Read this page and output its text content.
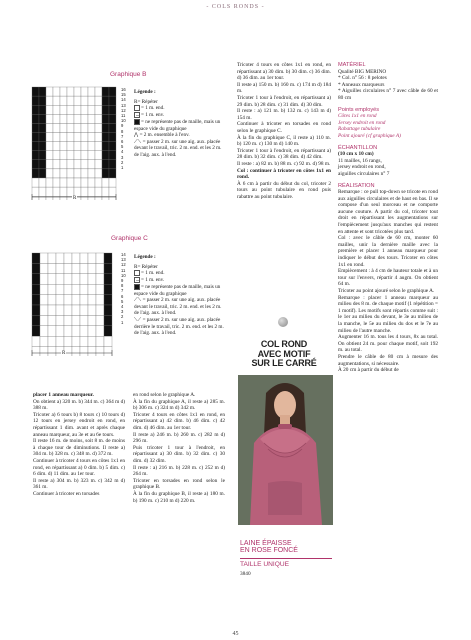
- COLS RONDS -
Graphique B
R
16
15
14
13
12
11
10
9
8
7
6
5
4
3
2
1
Légende :
R= Répéter
= 1 m. end.
= 1 m. env.
= ne représente pas de maille, mais un espace vide du graphique
⋀ = 2 m. ensemble à l'env.
⟋⟍ = passer 2 m. sur une aig. aux. placée devant le travail, tric. 2 m. end. et les 2 m. de l'aig. aux. à l'end.
Graphique C
R
14
13
12
11
10
9
8
7
6
5
4
3
2
1
Légende :
R= Répéter
= 1 m. end.
= 1 m. env.
= ne représente pas de maille, mais un espace vide du graphique
⟋⟍ = passer 2 m. sur une aig. aux. placée devant le travail, tric. 2 m. end. et les 2 m. de l'aig. aux. à l'end.
⟍⟋ = passer 2 m. sur une aig. aux. placée derrière le travail, tric. 2 m. end. et les 2 m. de l'aig. aux. à l'end.

placer 1 anneau marqueur.

On obtient a) 320 m. b) 344 m. c) 364 m d) 388 m.

Tricoter a) 6 tours b) 8 tours c) 10 tours d) 12 tours en jersey endroit en rond, en répartissant 1 dim. avant et après chaque anneau marqueur, au 3e et au 6e tours.

Il reste 16 m. de moins, soit 8 m. de moins à chaque tour de diminutions. Il reste a) 304 m. b) 328 m. c) 348 m. d) 372 m.

Continuer à tricoter 4 tours en côtes 1x1 en rond, en répartissant a) 0 dim. b) 5 dim. c) 6 dim. d) 11 dim. au 1er tour.

Il reste a) 304 m. b) 323 m. c) 342 m d) 361 m.

Continuer à tricoter en torsades

en rond selon le graphique A.

À la fin du graphique A, il reste a) 285 m. b) 306 m. c) 324 m d) 342 m.

Tricoter 4 tours en côtes 1x1 en rond, en répartissant a) 42 dim. b) 46 dim. c) 42 dim. d) 46 dim. au 1er tour.

Il reste a) 246 m. b) 260 m. c) 282 m d) 296 m.

Puis tricoter 1 tour à l'endroit, en répartissant a) 30 dim. b) 32 dim. c) 30 dim. d) 32 dim.

Il reste : a) 216 m. b) 228 m. c) 252 m d) 264 m.

Tricoter en torsades en rond selon le graphique B.

À la fin du graphique B, il reste a) 180 m. b) 190 m. c) 210 m d) 220 m.

Tricoter 4 tours en côtes 1x1 en rond, en répartissant a) 30 dim. b) 30 dim. c) 36 dim. d) 36 dim. au 1er tour.

Il reste a) 150 m. b) 160 m. c) 174 m d) 184 m.

Tricoter 1 tour à l'endroit, en répartissant a) 29 dim. b) 28 dim. c) 31 dim. d) 30 dim.

Il reste : a) 121 m. b) 132 m. c) 143 m d) 154 m.

Continuer à tricoter en torsades en rond selon le graphique C.

À la fin du graphique C, il reste a) 110 m. b) 120 m. c) 130 m d) 140 m.

Tricoter 1 tour à l'endroit, en répartissant a) 28 dim. b) 32 dim. c) 38 dim. d) 42 dim.

Il reste : a) 82 m. b) 88 m. c) 92 m. d) 98 m.

Col : continuer à tricoter en côtes 1x1 en rond.

À 6 cm à partir du début du col, tricoter 2 tours au point tubulaire en rond puis rabattre au point tubulaire.

COL ROND
AVEC MOTIF
SUR LE CARRÉ
LAINE ÉPAISSE
EN ROSE FONCÉ
TAILLE UNIQUE
3840
MATÉRIEL

Qualité BIG MERINO

* Col. n° 56 : 8 pelotes

* Anneaux marqueurs

* Aiguilles circulaires n° 7 avec câble de 60 et 80 cm

Points employés

Côtes 1x1 en rond

Jersey endroit en rond

Rabattage tubulaire

Point ajouré (cf graphique A)

ÉCHANTILLON

(10 cm x 10 cm)

11 mailles, 16 rangs,

jersey endroit en rond,

aiguilles circulaires n° 7

RÉALISATION

Remarque : ce pull top-down se tricote en rond aux aiguilles circulaires et de haut en bas. Il se compose d'un seul morceau et ne comporte aucune couture. A partir du col, tricoter tout droit en répartissant les augmentations sur l'empiècement jusqu'aux manches qui restent en attente et sont tricotées plus tard.

Col : avec le câble de 60 cm, monter 60 mailles, unir la dernière maille avec la première et placer 1 anneau marqueur pour indiquer le début des tours. Tricoter en côtes 1x1 en rond.

Empiècement : à 4 cm de hauteur totale et à un tour sur l'envers, répartir 4 augm. On obtient 64 m.

Tricoter au point ajouré selon le graphique A.

Remarque : placer 1 anneau marqueur au milieu des 8 m. de chaque motif (1 répétition = 1 motif). Les motifs sont répartis comme suit : le 1er au milieu du devant, le 3e au milieu de la manche, le 5e au milieu du dos et le 7e au milieu de l'autre manche.

Augmenter 16 m. tous les 4 tours, 8x au total. On obtient 24 m. pour chaque motif, soit 192 m. au total.

Prendre le câble de 80 cm à mesure des augmentations, si nécessaire.

À 20 cm à partir du début de

45
